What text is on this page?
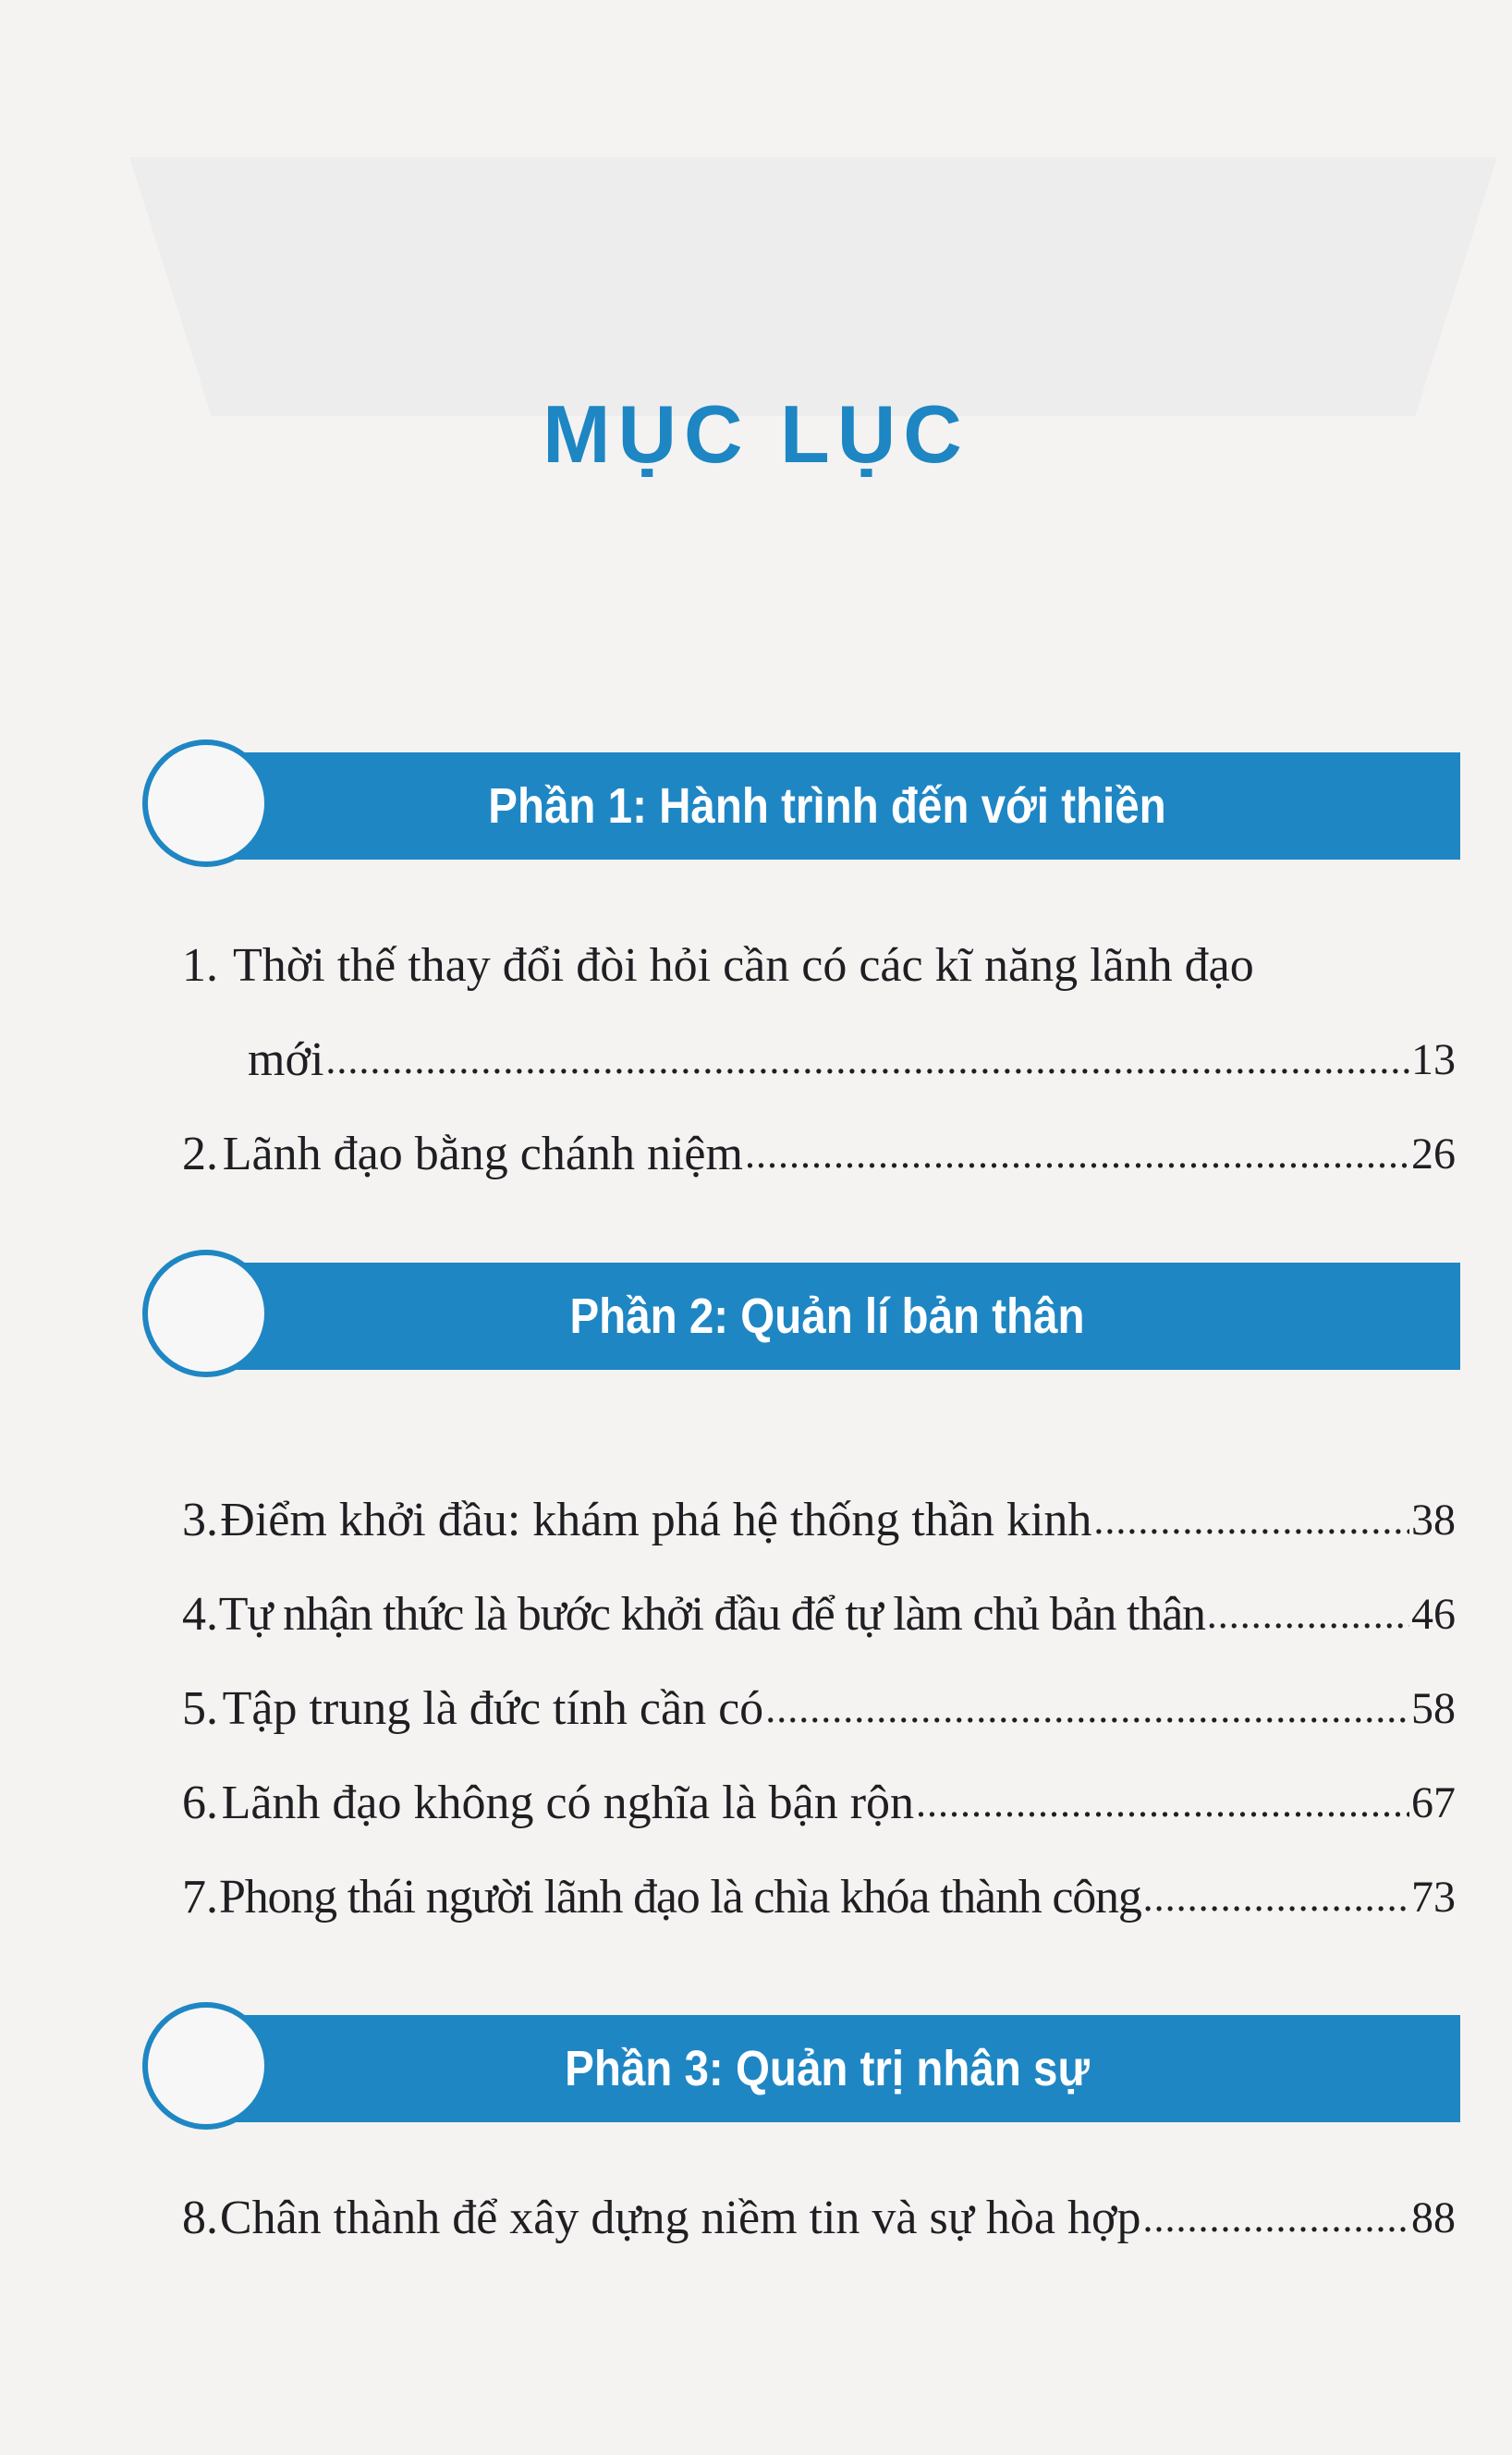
MỤC LỤC
Phần 1: Hành trình đến với thiền
1. Thời thế thay đổi đòi hỏi cần có các kĩ năng lãnh đạo
mới .....	13
2. Lãnh đạo bằng chánh niệm .....	26
Phần 2: Quản lí bản thân
3. Điểm khởi đầu: khám phá hệ thống thần kinh .....	38
4. Tự nhận thức là bước khởi đầu để tự làm chủ bản thân .....	46
5. Tập trung là đức tính cần có .....	58
6. Lãnh đạo không có nghĩa là bận rộn .....	67
7. Phong thái người lãnh đạo là chìa khóa thành công .....	73
Phần 3: Quản trị nhân sự
8. Chân thành để xây dựng niềm tin và sự hòa hợp .....	88
